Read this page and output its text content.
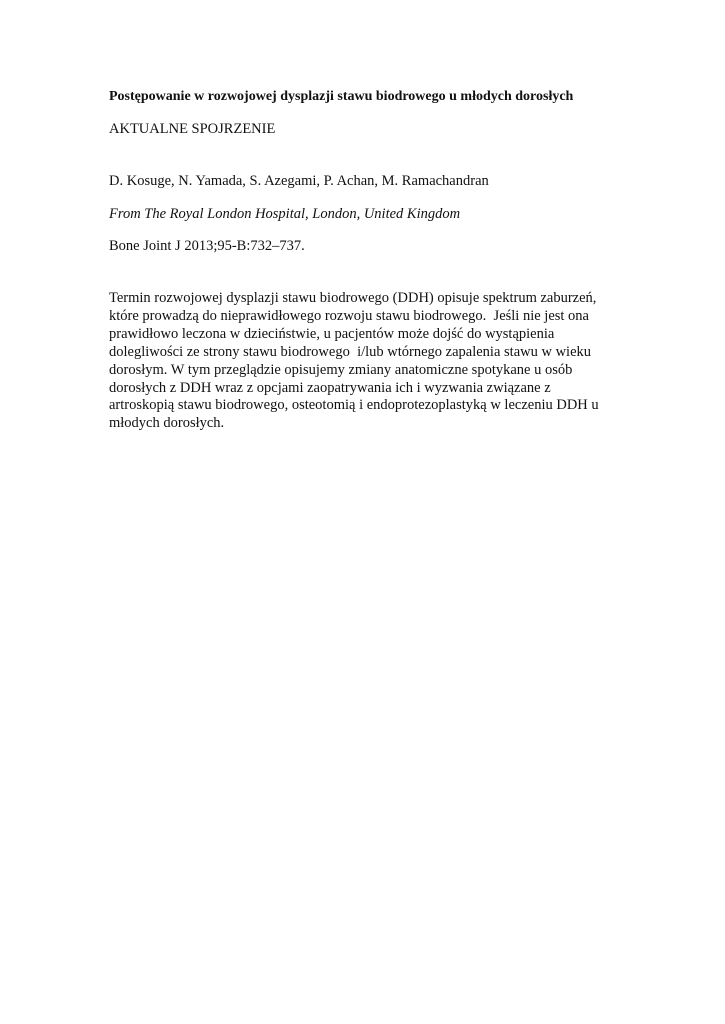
Postępowanie w rozwojowej dysplazji stawu biodrowego u młodych dorosłych
AKTUALNE SPOJRZENIE
D. Kosuge, N. Yamada, S. Azegami, P. Achan, M. Ramachandran
From The Royal London Hospital, London, United Kingdom
Bone Joint J 2013;95-B:732–737.
Termin rozwojowej dysplazji stawu biodrowego (DDH) opisuje spektrum zaburzeń,
które prowadzą do nieprawidłowego rozwoju stawu biodrowego.  Jeśli nie jest ona
prawidłowo leczona w dzieciństwie, u pacjentów może dojść do wystąpienia
dolegliwości ze strony stawu biodrowego  i/lub wtórnego zapalenia stawu w wieku
dorosłym. W tym przeglądzie opisujemy zmiany anatomiczne spotykane u osób
dorosłych z DDH wraz z opcjami zaopatrywania ich i wyzwania związane z
artroskopią stawu biodrowego, osteotomią i endoprotezoplastyką w leczeniu DDH u
młodych dorosłych.
